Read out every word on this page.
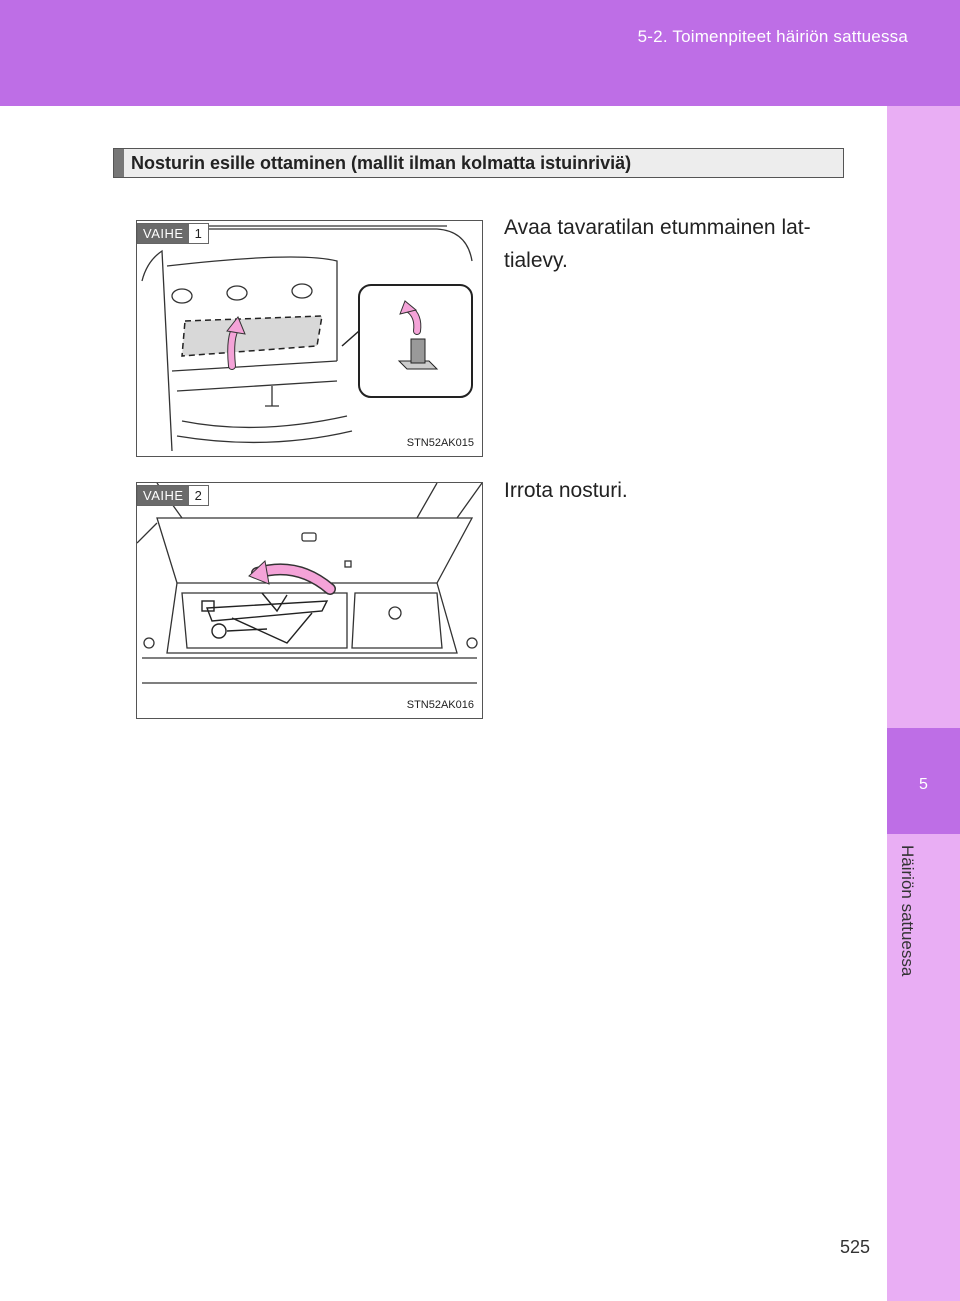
5-2. Toimenpiteet häiriön sattuessa
5
Häiriön sattuessa
Nosturin esille ottaminen (mallit ilman kolmatta istuinriviä)
VAIHE 1
STN52AK015
Avaa tavaratilan etummainen lat-tialevy.
VAIHE 2
STN52AK016
Irrota nosturi.
525
